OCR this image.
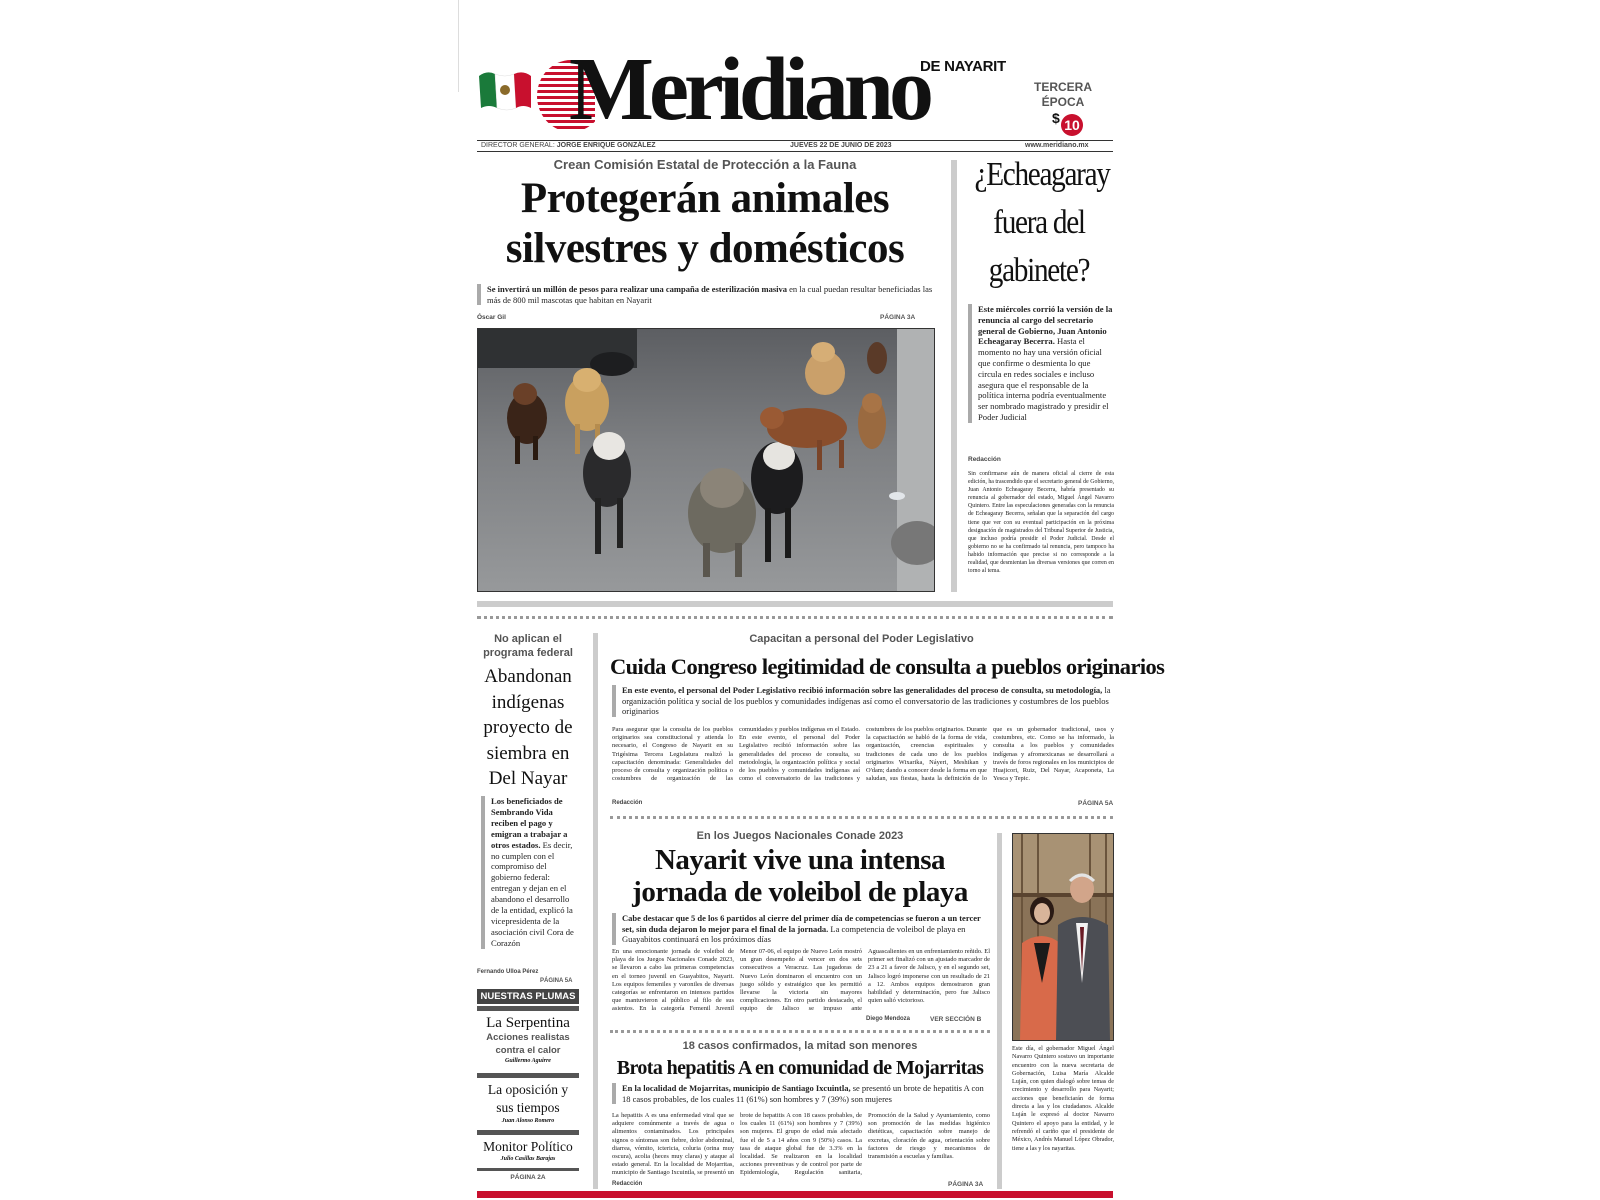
Meridiano
DE NAYARIT
TERCERA
ÉPOCA
$ 10
DIRECTOR GENERAL: JORGE ENRIQUE GONZÁLEZ	JUEVES 22 DE JUNIO DE 2023	www.meridiano.mx
Crean Comisión Estatal de Protección a la Fauna
Protegerán animales
silvestres y domésticos
Se invertirá un millón de pesos para realizar una campaña de esterilización masiva en la cual puedan resultar beneficiadas las más de 800 mil mascotas que habitan en Nayarit
Óscar Gil	PÁGINA 3A
¿Echeagaray
fuera del
gabinete?
Este miércoles corrió la versión de la renuncia al cargo del secretario general de Gobierno, Juan Antonio Echeagaray Becerra. Hasta el momento no hay una versión oficial que confirme o desmienta lo que circula en redes sociales e incluso asegura que el responsable de la política interna podría eventualmente ser nombrado magistrado y presidir el Poder Judicial
Redacción
Sin confirmarse aún de manera oficial al cierre de esta edición, ha trascendido que el secretario general de Gobierno, Juan Antonio Echeagaray Becerra, habría presentado su renuncia al gobernador del estado, Miguel Ángel Navarro Quintero. Entre las especulaciones generadas con la renuncia de Echeagaray Becerra, señalan que la separación del cargo tiene que ver con su eventual participación en la próxima designación de magistrados del Tribunal Superior de Justicia, que incluso podría presidir el Poder Judicial. Desde el gobierno no se ha confirmado tal renuncia, pero tampoco ha habido información que precise si no corresponde a la realidad, que desmientan las diversas versiones que corren en torno al tema.
No aplican el programa federal
Abandonan
indígenas
proyecto de
siembra en
Del Nayar
Los beneficiados de Sembrando Vida reciben el pago y emigran a trabajar a otros estados. Es decir, no cumplen con el compromiso del gobierno federal: entregan y dejan en el abandono el desarrollo de la entidad, explicó la vicepresidenta de la asociación civil Cora de Corazón
Fernando Ulloa Pérez
PÁGINA 5A
NUESTRAS PLUMAS
La Serpentina
Acciones realistas
contra el calor
Guillermo Aguirre
La oposición y
sus tiempos
Juan Alonso Romero
Monitor Político
Julio Casillas Barajas
PÁGINA 2A
Capacitan a personal del Poder Legislativo
Cuida Congreso legitimidad de consulta a pueblos originarios
En este evento, el personal del Poder Legislativo recibió información sobre las generalidades del proceso de consulta, su metodología, la organización política y social de los pueblos y comunidades indígenas así como el conversatorio de las tradiciones y costumbres de los pueblos originarios
Para asegurar que la consulta de los pueblos originarios sea constitucional y atienda lo necesario, el Congreso de Nayarit en su Trigésima Tercera Legislatura realizó la capacitación denominada: Generalidades del proceso de consulta y organización política o costumbres de organización de las comunidades y pueblos indígenas en el Estado. En este evento, el personal del Poder Legislativo recibió información sobre las generalidades del proceso de consulta, su metodología, la organización política y social de los pueblos y comunidades indígenas así como el conversatorio de las tradiciones y costumbres de los pueblos originarios. Durante la capacitación se habló de la forma de vida, organización, creencias espirituales y tradiciones de cada uno de los pueblos originarios Wixarika, Náyeri, Meshikan y O'dam; dando a conocer desde la forma en que saludan, sus fiestas, hasta la definición de lo que es un gobernador tradicional, usos y costumbres, etc. Como se ha informado, la consulta a los pueblos y comunidades indígenas y afromexicanas se desarrollará a través de foros regionales en los municipios de Huajicori, Ruiz, Del Nayar, Acaponeta, La Yesca y Tepic.
Redacción	PÁGINA 5A
En los Juegos Nacionales Conade 2023
Nayarit vive una intensa
jornada de voleibol de playa
Cabe destacar que 5 de los 6 partidos al cierre del primer día de competencias se fueron a un tercer set, sin duda dejaron lo mejor para el final de la jornada. La competencia de voleibol de playa en Guayabitos continuará en los próximos días
En una emocionante jornada de voleibol de playa de los Juegos Nacionales Conade 2023, se llevaron a cabo las primeras competencias en el torneo juvenil en Guayabitos, Nayarit. Los equipos femeniles y varoniles de diversas categorías se enfrentaron en intensos partidos que mantuvieron al público al filo de sus asientos. En la categoría Femenil Juvenil Menor 07-06, el equipo de Nuevo León mostró un gran desempeño al vencer en dos sets consecutivos a Veracruz. Las jugadoras de Nuevo León dominaron el encuentro con un juego sólido y estratégico que les permitió llevarse la victoria sin mayores complicaciones. En otro partido destacado, el equipo de Jalisco se impuso ante Aguascalientes en un enfrentamiento reñido. El primer set finalizó con un ajustado marcador de 23 a 21 a favor de Jalisco, y en el segundo set, Jalisco logró imponerse con un resultado de 21 a 12. Ambos equipos demostraron gran habilidad y determinación, pero fue Jalisco quien salió victorioso.
Diego Mendoza	VER SECCIÓN B
18 casos confirmados, la mitad son menores
Brota hepatitis A en comunidad de Mojarritas
En la localidad de Mojarritas, municipio de Santiago Ixcuintla, se presentó un brote de hepatitis A con 18 casos probables, de los cuales 11 (61%) son hombres y 7 (39%) son mujeres
La hepatitis A es una enfermedad viral que se adquiere comúnmente a través de agua o alimentos contaminados. Los principales signos o síntomas son fiebre, dolor abdominal, diarrea, vómito, ictericia, coluria (orina muy oscura), acolia (heces muy claras) y ataque al estado general. En la localidad de Mojarritas, municipio de Santiago Ixcuintla, se presentó un brote de hepatitis A con 18 casos probables, de los cuales 11 (61%) son hombres y 7 (39%) son mujeres. El grupo de edad más afectado fue el de 5 a 14 años con 9 (50%) casos. La tasa de ataque global fue de 3.3% en la localidad. Se realizaron en la localidad acciones preventivas y de control por parte de Epidemiología, Regulación sanitaria, Promoción de la Salud y Ayuntamiento, como son promoción de las medidas higiénico dietéticas, capacitación sobre manejo de excretas, cloración de agua, orientación sobre factores de riesgo y mecanismos de transmisión a escuelas y familias.
Redacción	PÁGINA 3A
Este día, el gobernador Miguel Ángel Navarro Quintero sostuvo un importante encuentro con la nueva secretaria de Gobernación, Luisa María Alcalde Luján, con quien dialogó sobre temas de crecimiento y desarrollo para Nayarit; acciones que beneficiarán de forma directa a las y los ciudadanos. Alcalde Luján le expresó al doctor Navarro Quintero el apoyo para la entidad, y le refrendó el cariño que el presidente de México, Andrés Manuel López Obrador, tiene a las y los nayaritas.
